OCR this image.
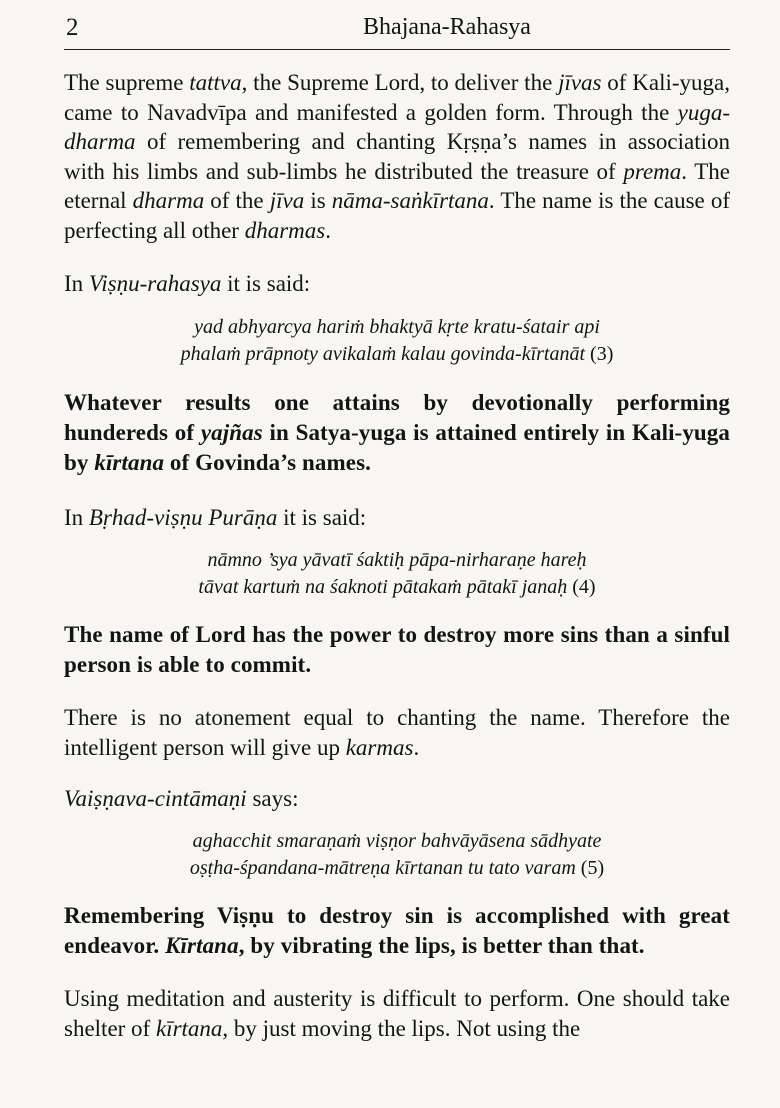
2	Bhajana-Rahasya

The supreme tattva, the Supreme Lord, to deliver the jīvas of Kali-yuga, came to Navadvīpa and manifested a golden form. Through the yuga-dharma of remembering and chanting Kṛṣṇa’s names in association with his limbs and sub-limbs he distributed the treasure of prema. The eternal dharma of the jīva is nāma-saṅkīrtana. The name is the cause of perfecting all other dharmas.

In Viṣṇu-rahasya it is said:

yad abhyarcya hariṁ bhaktyā kṛte kratu-śatair api
phalaṁ prāpnoty avikalaṁ kalau govinda-kīrtanāt (3)

Whatever results one attains by devotionally performing hundereds of yajñas in Satya-yuga is attained entirely in Kali-yuga by kīrtana of Govinda’s names.

In Bṛhad-viṣṇu Purāṇa it is said:

nāmno ’sya yāvatī śaktiḥ pāpa-nirharaṇe hareḥ
tāvat kartuṁ na śaknoti pātakaṁ pātakī janaḥ (4)

The name of Lord has the power to destroy more sins than a sinful person is able to commit.

There is no atonement equal to chanting the name. Therefore the intelligent person will give up karmas.

Vaiṣṇava-cintāmaṇi says:

aghacchit smaraṇaṁ viṣṇor bahvāyāsena sādhyate
oṣṭha-śpandana-mātreṇa kīrtanan tu tato varam (5)

Remembering Viṣṇu to destroy sin is accomplished with great endeavor. Kīrtana, by vibrating the lips, is better than that.

Using meditation and austerity is difficult to perform. One should take shelter of kīrtana, by just moving the lips. Not using the
